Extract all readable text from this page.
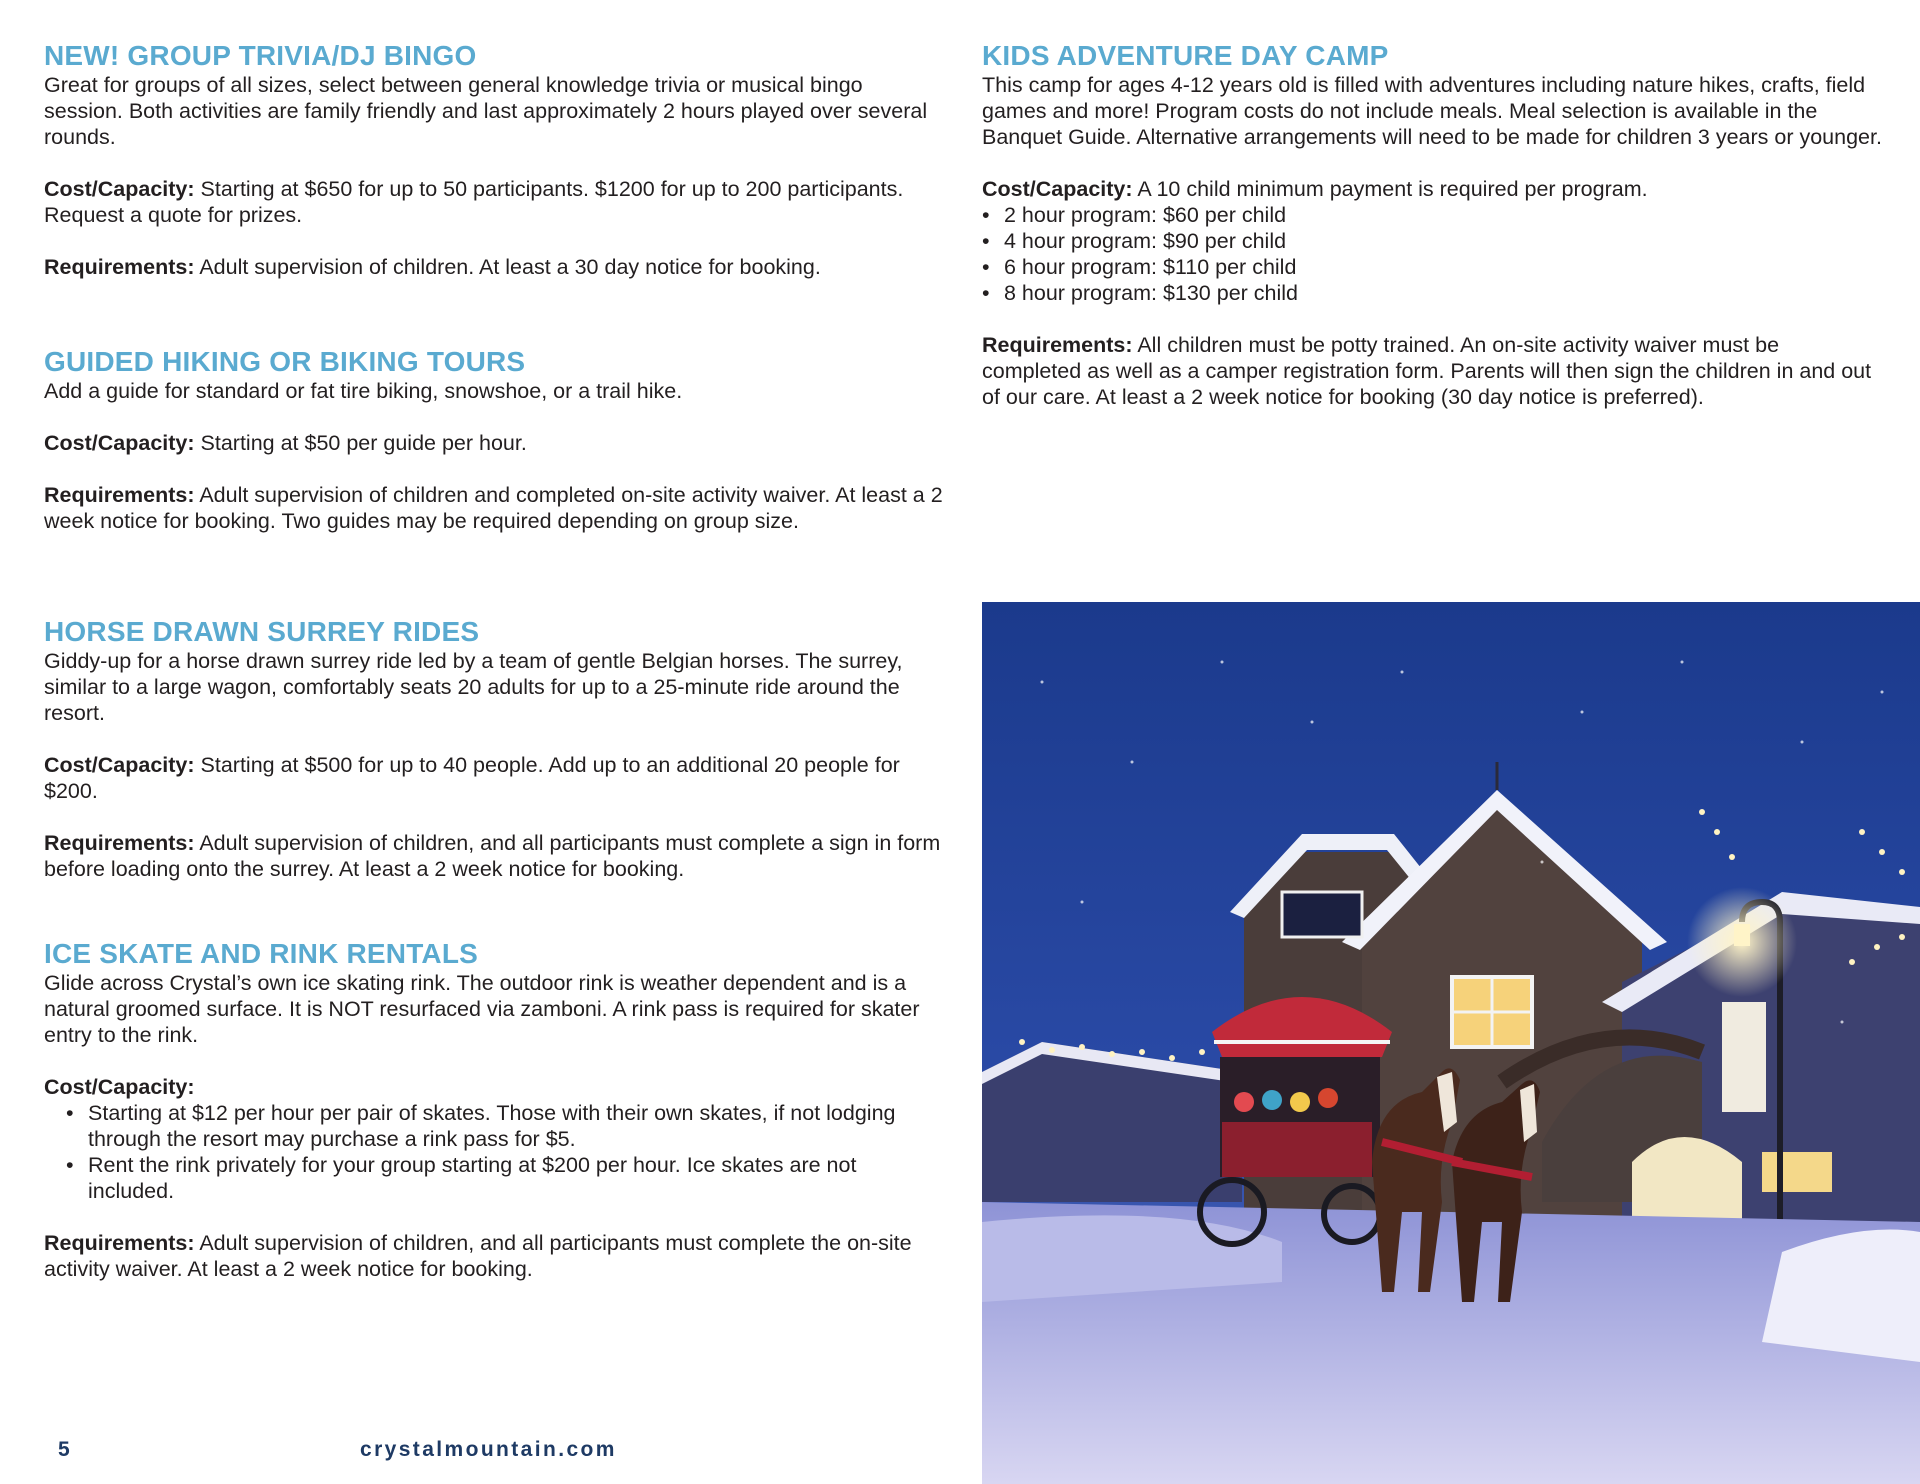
NEW! GROUP TRIVIA/DJ BINGO

Great for groups of all sizes, select between general knowledge trivia or musical bingo session. Both activities are family friendly and last approximately 2 hours played over several rounds.

Cost/Capacity: Starting at $650 for up to 50 participants. $1200 for up to 200 participants. Request a quote for prizes.

Requirements: Adult supervision of children. At least a 30 day notice for booking.

GUIDED HIKING OR BIKING TOURS

Add a guide for standard or fat tire biking, snowshoe, or a trail hike.

Cost/Capacity: Starting at $50 per guide per hour.

Requirements: Adult supervision of children and completed on-site activity waiver. At least a 2 week notice for booking. Two guides may be required depending on group size.

HORSE DRAWN SURREY RIDES

Giddy-up for a horse drawn surrey ride led by a team of gentle Belgian horses. The surrey, similar to a large wagon, comfortably seats 20 adults for up to a 25-minute ride around the resort.

Cost/Capacity: Starting at $500 for up to 40 people. Add up to an additional 20 people for $200.

Requirements: Adult supervision of children, and all participants must complete a sign in form before loading onto the surrey. At least a 2 week notice for booking.

ICE SKATE AND RINK RENTALS

Glide across Crystal’s own ice skating rink. The outdoor rink is weather dependent and is a natural groomed surface. It is NOT resurfaced via zamboni. A rink pass is required for skater entry to the rink.

Cost/Capacity:

• Starting at $12 per hour per pair of skates. Those with their own skates, if not lodging through the resort may purchase a rink pass for $5.
• Rent the rink privately for your group starting at $200 per hour. Ice skates are not included.

Requirements: Adult supervision of children, and all participants must complete the on-site activity waiver. At least a 2 week notice for booking.

KIDS ADVENTURE DAY CAMP

This camp for ages 4-12 years old is filled with adventures including nature hikes, crafts, field games and more! Program costs do not include meals. Meal selection is available in the Banquet Guide. Alternative arrangements will need to be made for children 3 years or younger.

Cost/Capacity: A 10 child minimum payment is required per program.

• 2 hour program: $60 per child
• 4 hour program: $90 per child
• 6 hour program: $110 per child
• 8 hour program: $130 per child

Requirements: All children must be potty trained. An on-site activity waiver must be completed as well as a camper registration form. Parents will then sign the children in and out of our care. At least a 2 week notice for booking (30 day notice is preferred).

5	crystalmountain.com
